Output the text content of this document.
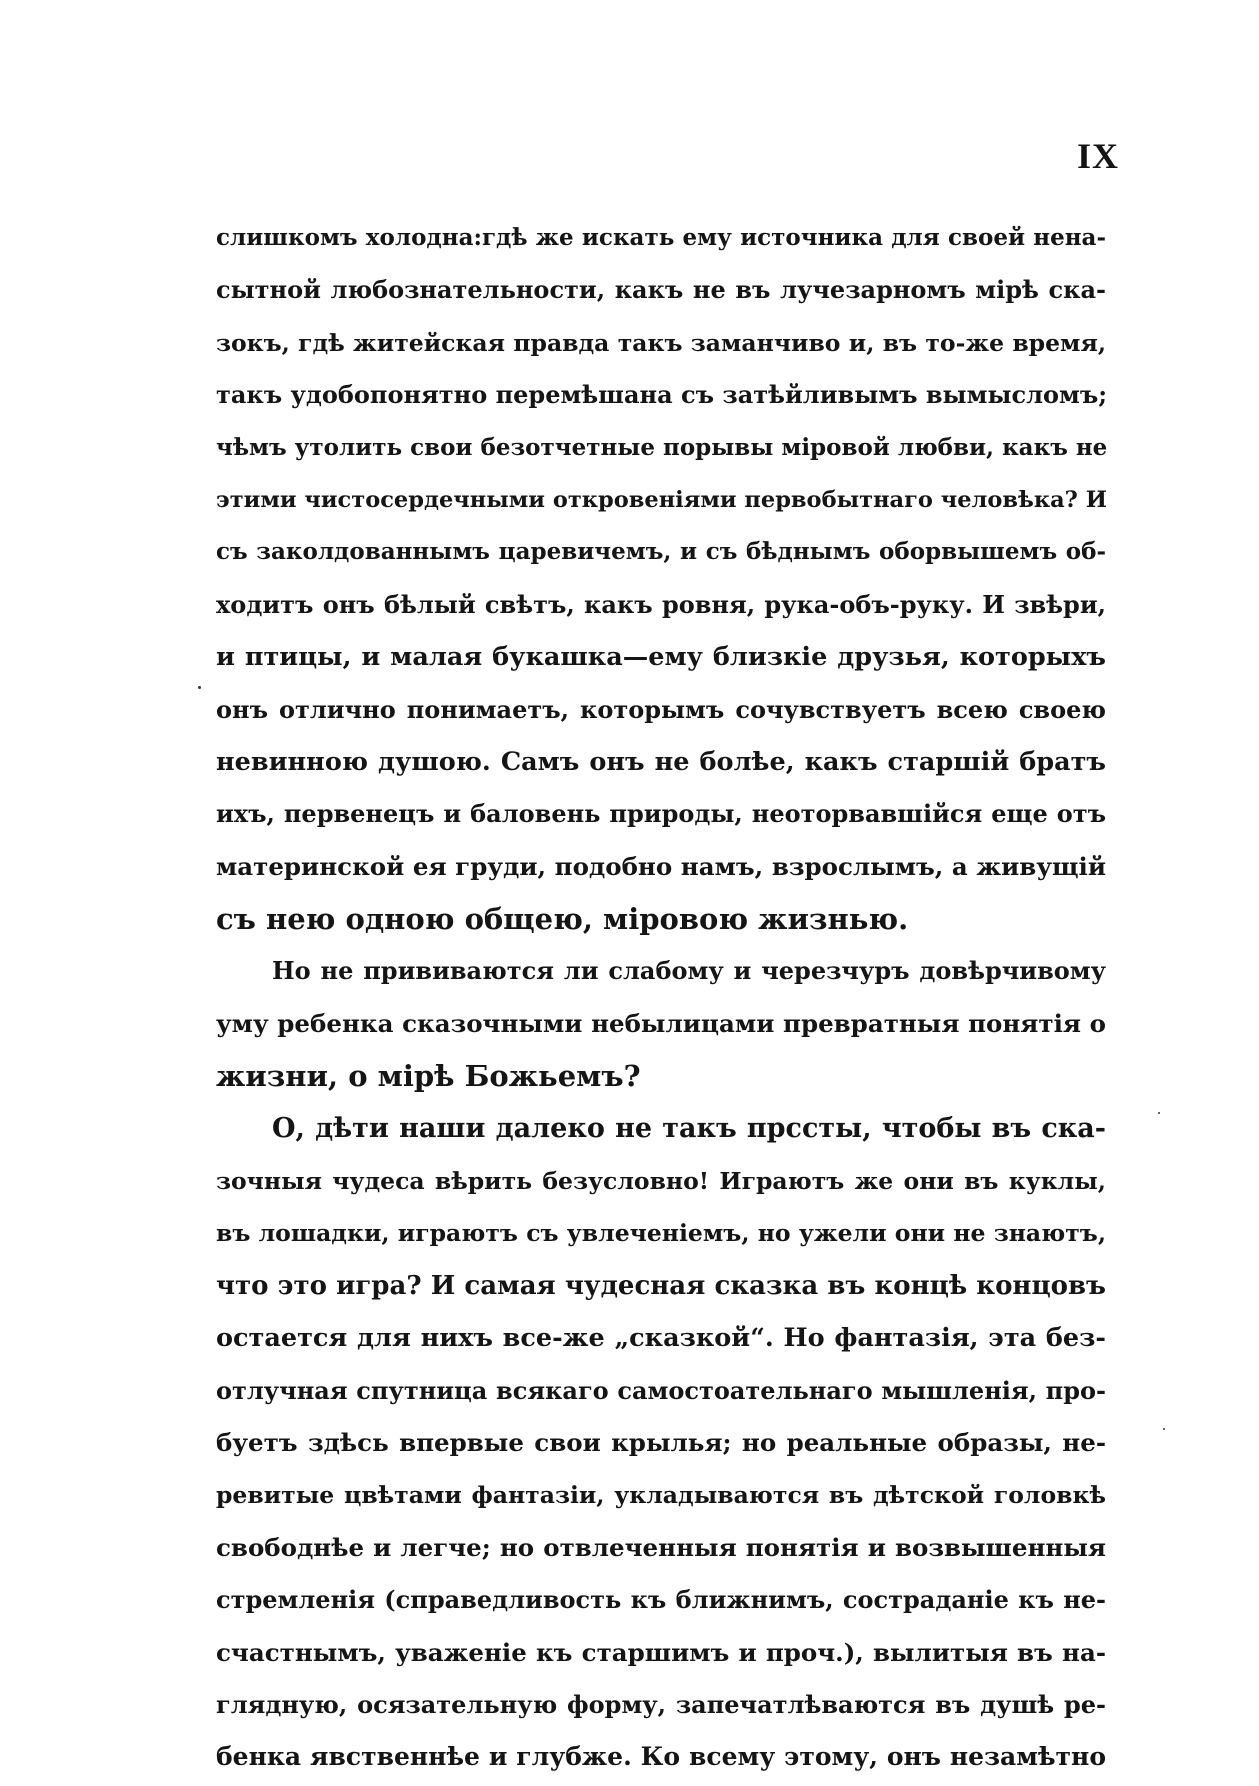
IX
слишкомъ холодна:гдѣ же искать ему источника для своей нена-
сытной любознательности, какъ не въ лучезарномъ мірѣ ска-
зокъ, гдѣ житейская правда такъ заманчиво и, въ то-же время,
такъ удобопонятно перемѣшана съ затѣйливымъ вымысломъ;
чѣмъ утолить свои безотчетные порывы міровой любви, какъ не
этими чистосердечными откровеніями первобытнаго человѣка? И
съ заколдованнымъ царевичемъ, и съ бѣднымъ оборвышемъ об-
ходитъ онъ бѣлый свѣтъ, какъ ровня, рука-объ-руку. И звѣри,
и птицы, и малая букашка—ему близкіе друзья, которыхъ
онъ отлично понимаетъ, которымъ сочувствуетъ всею своею
невинною душою. Самъ онъ не болѣе, какъ старшій братъ
ихъ, первенецъ и баловень природы, неоторвавшійся еще отъ
материнской ея груди, подобно намъ, взрослымъ, а живущій
съ нею одною общею, міровою жизнью.
Но не прививаются ли слабому и черезчуръ довѣрчивому
уму ребенка сказочными небылицами превратныя понятія о
жизни, о мірѣ Божьемъ?
О, дѣти наши далеко не такъ прсcты, чтобы въ ска-
зочныя чудеса вѣрить безусловно! Играютъ же они въ куклы,
въ лошадки, играютъ съ увлеченіемъ, но ужели они не знаютъ,
что это игра? И самая чудесная сказка въ концѣ концовъ
остается для нихъ все-же „сказкой“. Но фантазія, эта без-
отлучная спутница всякаго самостоательнаго мышленія, про-
буетъ здѣсь впервые свои крылья; но реальные образы, не-
ревитые цвѣтами фантазіи, укладываются въ дѣтской головкѣ
свободнѣе и легче; но отвлеченныя понятія и возвышенныя
стремленія (справедливость къ ближнимъ, состраданіе къ не-
счастнымъ, уваженіе къ старшимъ и проч.), вылитыя въ на-
глядную, осязательную форму, запечатлѣваются въ душѣ ре-
бенка явственнѣе и глубже. Ко всему этому, онъ незамѣтно
